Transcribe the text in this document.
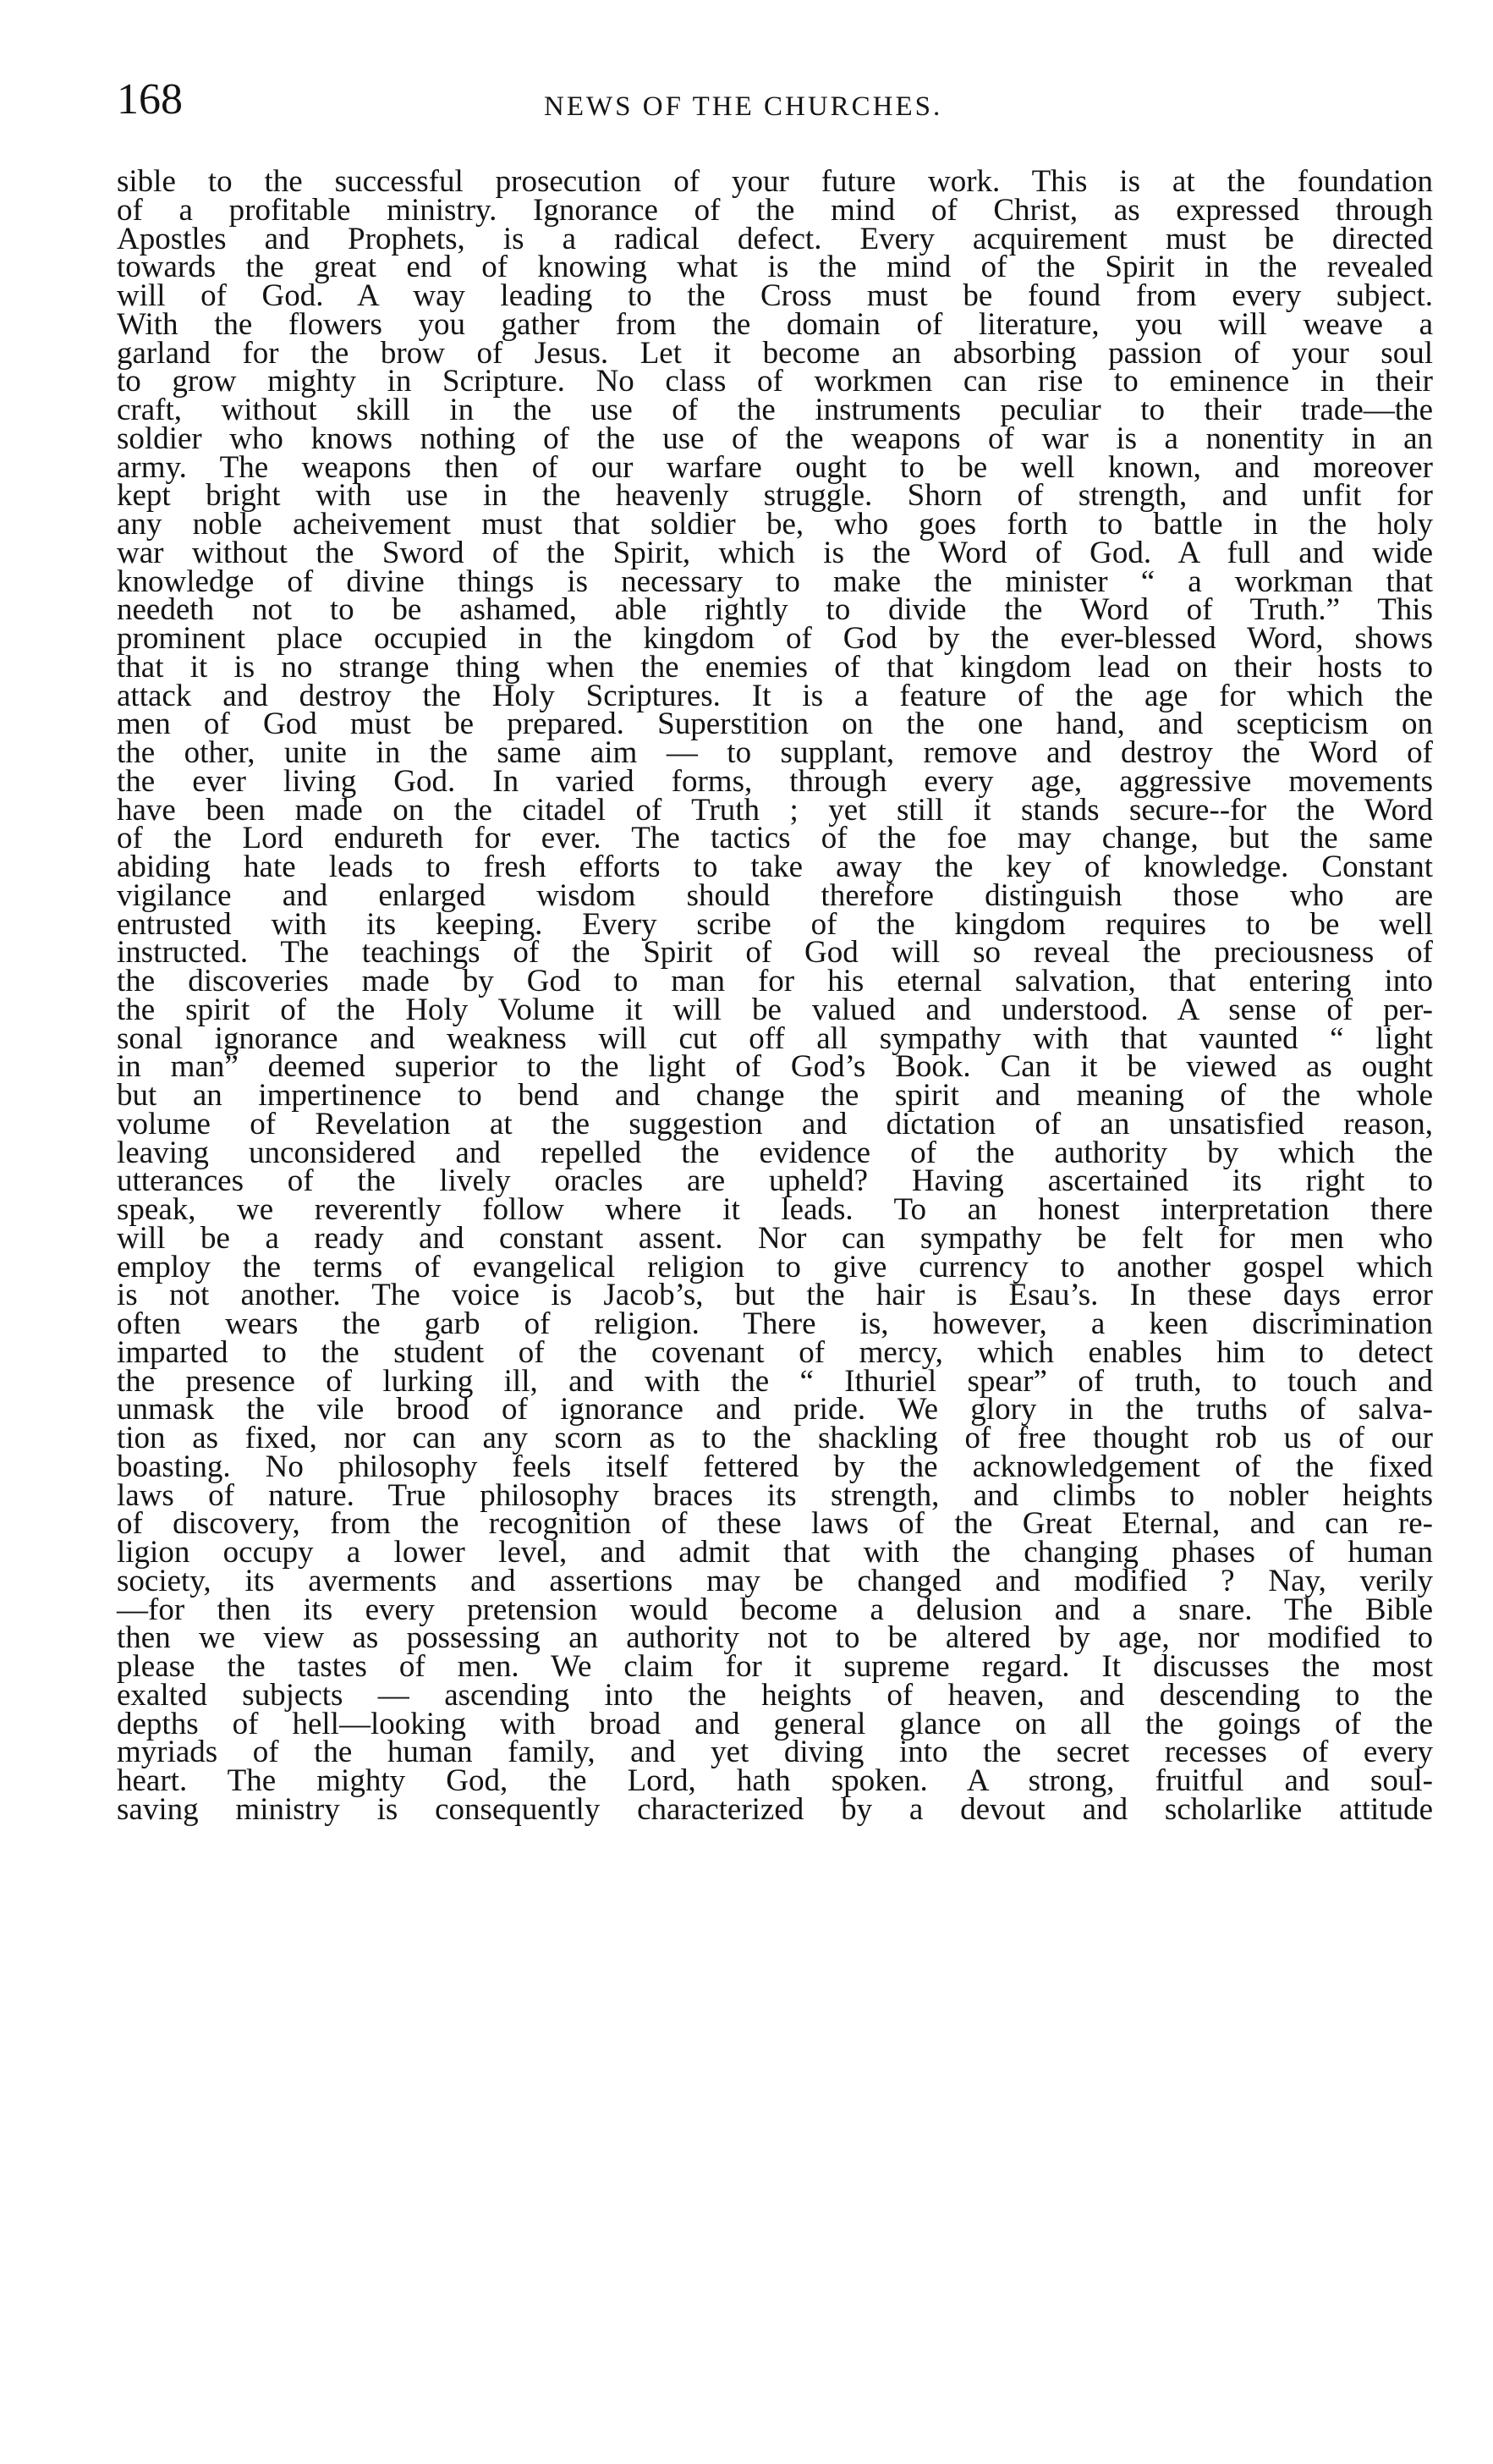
168	NEWS OF THE CHURCHES.
sible to the successful prosecution of your future work. This is at the foundation
of a profitable ministry. Ignorance of the mind of Christ, as expressed through
Apostles and Prophets, is a radical defect. Every acquirement must be directed
towards the great end of knowing what is the mind of the Spirit in the revealed
will of God. A way leading to the Cross must be found from every subject.
With the flowers you gather from the domain of literature, you will weave a
garland for the brow of Jesus. Let it become an absorbing passion of your soul
to grow mighty in Scripture. No class of workmen can rise to eminence in their
craft, without skill in the use of the instruments peculiar to their trade—the
soldier who knows nothing of the use of the weapons of war is a nonentity in an
army. The weapons then of our warfare ought to be well known, and moreover
kept bright with use in the heavenly struggle. Shorn of strength, and unfit for
any noble acheivement must that soldier be, who goes forth to battle in the holy
war without the Sword of the Spirit, which is the Word of God. A full and wide
knowledge of divine things is necessary to make the minister “ a workman that
needeth not to be ashamed, able rightly to divide the Word of Truth.” This
prominent place occupied in the kingdom of God by the ever-blessed Word, shows
that it is no strange thing when the enemies of that kingdom lead on their hosts to
attack and destroy the Holy Scriptures. It is a feature of the age for which the
men of God must be prepared. Superstition on the one hand, and scepticism on
the other, unite in the same aim — to supplant, remove and destroy the Word of
the ever living God. In varied forms, through every age, aggressive movements
have been made on the citadel of Truth ; yet still it stands secure--for the Word
of the Lord endureth for ever. The tactics of the foe may change, but the same
abiding hate leads to fresh efforts to take away the key of knowledge. Constant
vigilance and enlarged wisdom should therefore distinguish those who are
entrusted with its keeping. Every scribe of the kingdom requires to be well
instructed. The teachings of the Spirit of God will so reveal the preciousness of
the discoveries made by God to man for his eternal salvation, that entering into
the spirit of the Holy Volume it will be valued and understood. A sense of per-
sonal ignorance and weakness will cut off all sympathy with that vaunted “ light
in man” deemed superior to the light of God’s Book. Can it be viewed as ought
but an impertinence to bend and change the spirit and meaning of the whole
volume of Revelation at the suggestion and dictation of an unsatisfied reason,
leaving unconsidered and repelled the evidence of the authority by which the
utterances of the lively oracles are upheld? Having ascertained its right to
speak, we reverently follow where it leads. To an honest interpretation there
will be a ready and constant assent. Nor can sympathy be felt for men who
employ the terms of evangelical religion to give currency to another gospel which
is not another. The voice is Jacob’s, but the hair is Esau’s. In these days error
often wears the garb of religion. There is, however, a keen discrimination
imparted to the student of the covenant of mercy, which enables him to detect
the presence of lurking ill, and with the “ Ithuriel spear” of truth, to touch and
unmask the vile brood of ignorance and pride. We glory in the truths of salva-
tion as fixed, nor can any scorn as to the shackling of free thought rob us of our
boasting. No philosophy feels itself fettered by the acknowledgement of the fixed
laws of nature. True philosophy braces its strength, and climbs to nobler heights
of discovery, from the recognition of these laws of the Great Eternal, and can re-
ligion occupy a lower level, and admit that with the changing phases of human
society, its averments and assertions may be changed and modified ? Nay, verily
—for then its every pretension would become a delusion and a snare. The Bible
then we view as possessing an authority not to be altered by age, nor modified to
please the tastes of men. We claim for it supreme regard. It discusses the most
exalted subjects — ascending into the heights of heaven, and descending to the
depths of hell—looking with broad and general glance on all the goings of the
myriads of the human family, and yet diving into the secret recesses of every
heart. The mighty God, the Lord, hath spoken. A strong, fruitful and soul-
saving ministry is consequently characterized by a devout and scholarlike attitude
